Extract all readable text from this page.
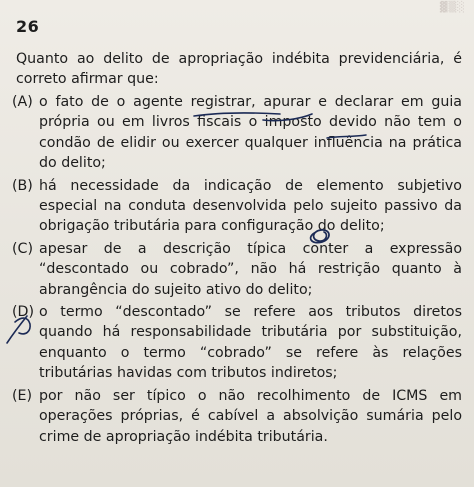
▓▒░
26
Quanto ao delito de apropriação indébita previdenciária, é correto afirmar que:
(A) o fato de o agente registrar, apurar e declarar em guia própria ou em livros fiscais o imposto devido não tem o condão de elidir ou exercer qualquer influência na prática do delito;
(B) há necessidade da indicação de elemento subjetivo especial na conduta desenvolvida pelo sujeito passivo da obrigação tributária para configuração do delito;
(C) apesar de a descrição típica conter a expressão “descontado ou cobrado”, não há restrição quanto à abrangência do sujeito ativo do delito;
(D) o termo “descontado” se refere aos tributos diretos quando há responsabilidade tributária por substituição, enquanto o termo “cobrado” se refere às relações tributárias havidas com tributos indiretos;
(E) por não ser típico o não recolhimento de ICMS em operações próprias, é cabível a absolvição sumária pelo crime de apropriação indébita tributária.
